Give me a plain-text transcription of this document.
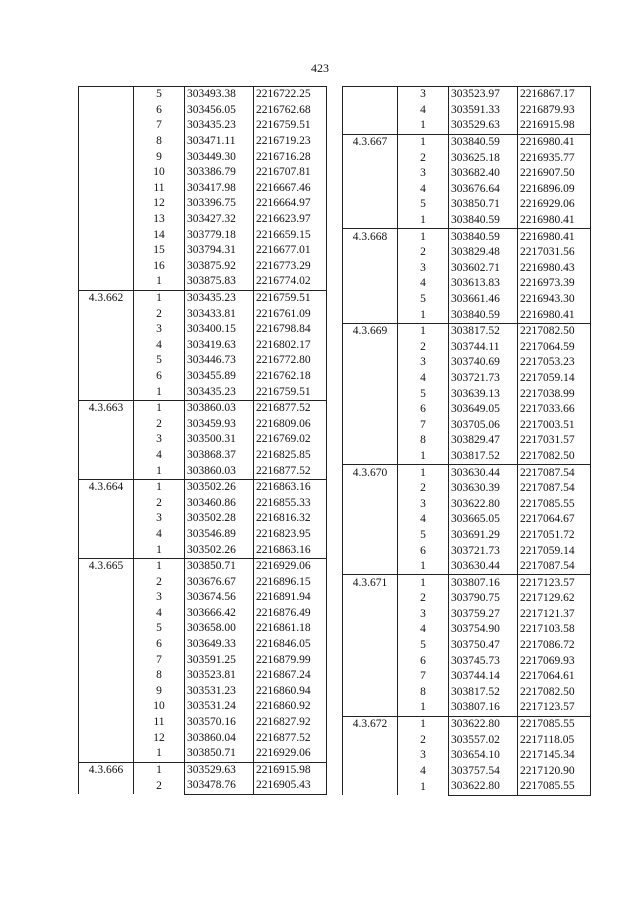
423
	5	303493.38	2216722.25
	6	303456.05	2216762.68
	7	303435.23	2216759.51
	8	303471.11	2216719.23
	9	303449.30	2216716.28
	10	303386.79	2216707.81
	11	303417.98	2216667.46
	12	303396.75	2216664.97
	13	303427.32	2216623.97
	14	303779.18	2216659.15
	15	303794.31	2216677.01
	16	303875.92	2216773.29
	1	303875.83	2216774.02
4.3.662	1	303435.23	2216759.51
	2	303433.81	2216761.09
	3	303400.15	2216798.84
	4	303419.63	2216802.17
	5	303446.73	2216772.80
	6	303455.89	2216762.18
	1	303435.23	2216759.51
4.3.663	1	303860.03	2216877.52
	2	303459.93	2216809.06
	3	303500.31	2216769.02
	4	303868.37	2216825.85
	1	303860.03	2216877.52
4.3.664	1	303502.26	2216863.16
	2	303460.86	2216855.33
	3	303502.28	2216816.32
	4	303546.89	2216823.95
	1	303502.26	2216863.16
4.3.665	1	303850.71	2216929.06
	2	303676.67	2216896.15
	3	303674.56	2216891.94
	4	303666.42	2216876.49
	5	303658.00	2216861.18
	6	303649.33	2216846.05
	7	303591.25	2216879.99
	8	303523.81	2216867.24
	9	303531.23	2216860.94
	10	303531.24	2216860.92
	11	303570.16	2216827.92
	12	303860.04	2216877.52
	1	303850.71	2216929.06
4.3.666	1	303529.63	2216915.98
	2	303478.76	2216905.43
	3	303523.97	2216867.17
	4	303591.33	2216879.93
	1	303529.63	2216915.98
4.3.667	1	303840.59	2216980.41
	2	303625.18	2216935.77
	3	303682.40	2216907.50
	4	303676.64	2216896.09
	5	303850.71	2216929.06
	1	303840.59	2216980.41
4.3.668	1	303840.59	2216980.41
	2	303829.48	2217031.56
	3	303602.71	2216980.43
	4	303613.83	2216973.39
	5	303661.46	2216943.30
	1	303840.59	2216980.41
4.3.669	1	303817.52	2217082.50
	2	303744.11	2217064.59
	3	303740.69	2217053.23
	4	303721.73	2217059.14
	5	303639.13	2217038.99
	6	303649.05	2217033.66
	7	303705.06	2217003.51
	8	303829.47	2217031.57
	1	303817.52	2217082.50
4.3.670	1	303630.44	2217087.54
	2	303630.39	2217087.54
	3	303622.80	2217085.55
	4	303665.05	2217064.67
	5	303691.29	2217051.72
	6	303721.73	2217059.14
	1	303630.44	2217087.54
4.3.671	1	303807.16	2217123.57
	2	303790.75	2217129.62
	3	303759.27	2217121.37
	4	303754.90	2217103.58
	5	303750.47	2217086.72
	6	303745.73	2217069.93
	7	303744.14	2217064.61
	8	303817.52	2217082.50
	1	303807.16	2217123.57
4.3.672	1	303622.80	2217085.55
	2	303557.02	2217118.05
	3	303654.10	2217145.34
	4	303757.54	2217120.90
	1	303622.80	2217085.55
